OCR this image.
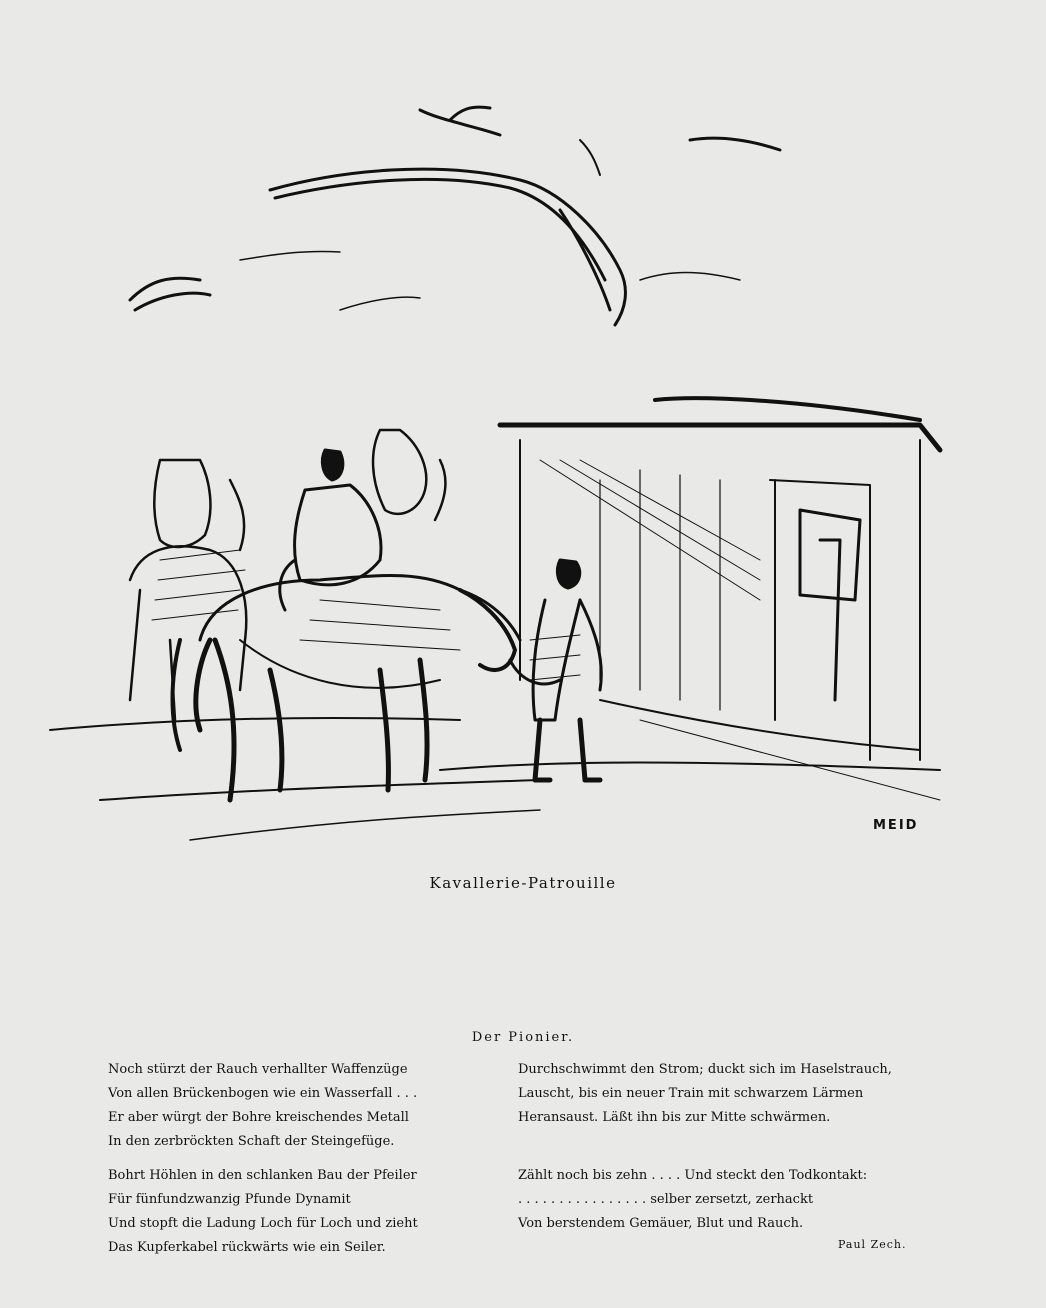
MEID
Kavallerie-Patrouille
Der Pionier.
Noch stürzt der Rauch verhallter Waffenzüge
Von allen Brückenbogen wie ein Wasserfall . . .
Er aber würgt der Bohre kreischendes Metall
In den zerbröckten Schaft der Steingefüge.
Bohrt Höhlen in den schlanken Bau der Pfeiler
Für fünfundzwanzig Pfunde Dynamit
Und stopft die Ladung Loch für Loch und zieht
Das Kupferkabel rückwärts wie ein Seiler.
Durchschwimmt den Strom; duckt sich im Haselstrauch,
Lauscht, bis ein neuer Train mit schwarzem Lärmen
Heransaust. Läßt ihn bis zur Mitte schwärmen.
Zählt noch bis zehn . . . . Und steckt den Todkontakt:
. . . . . . . . . . . . . . . . selber zersetzt, zerhackt
Von berstendem Gemäuer, Blut und Rauch.
Paul Zech.
